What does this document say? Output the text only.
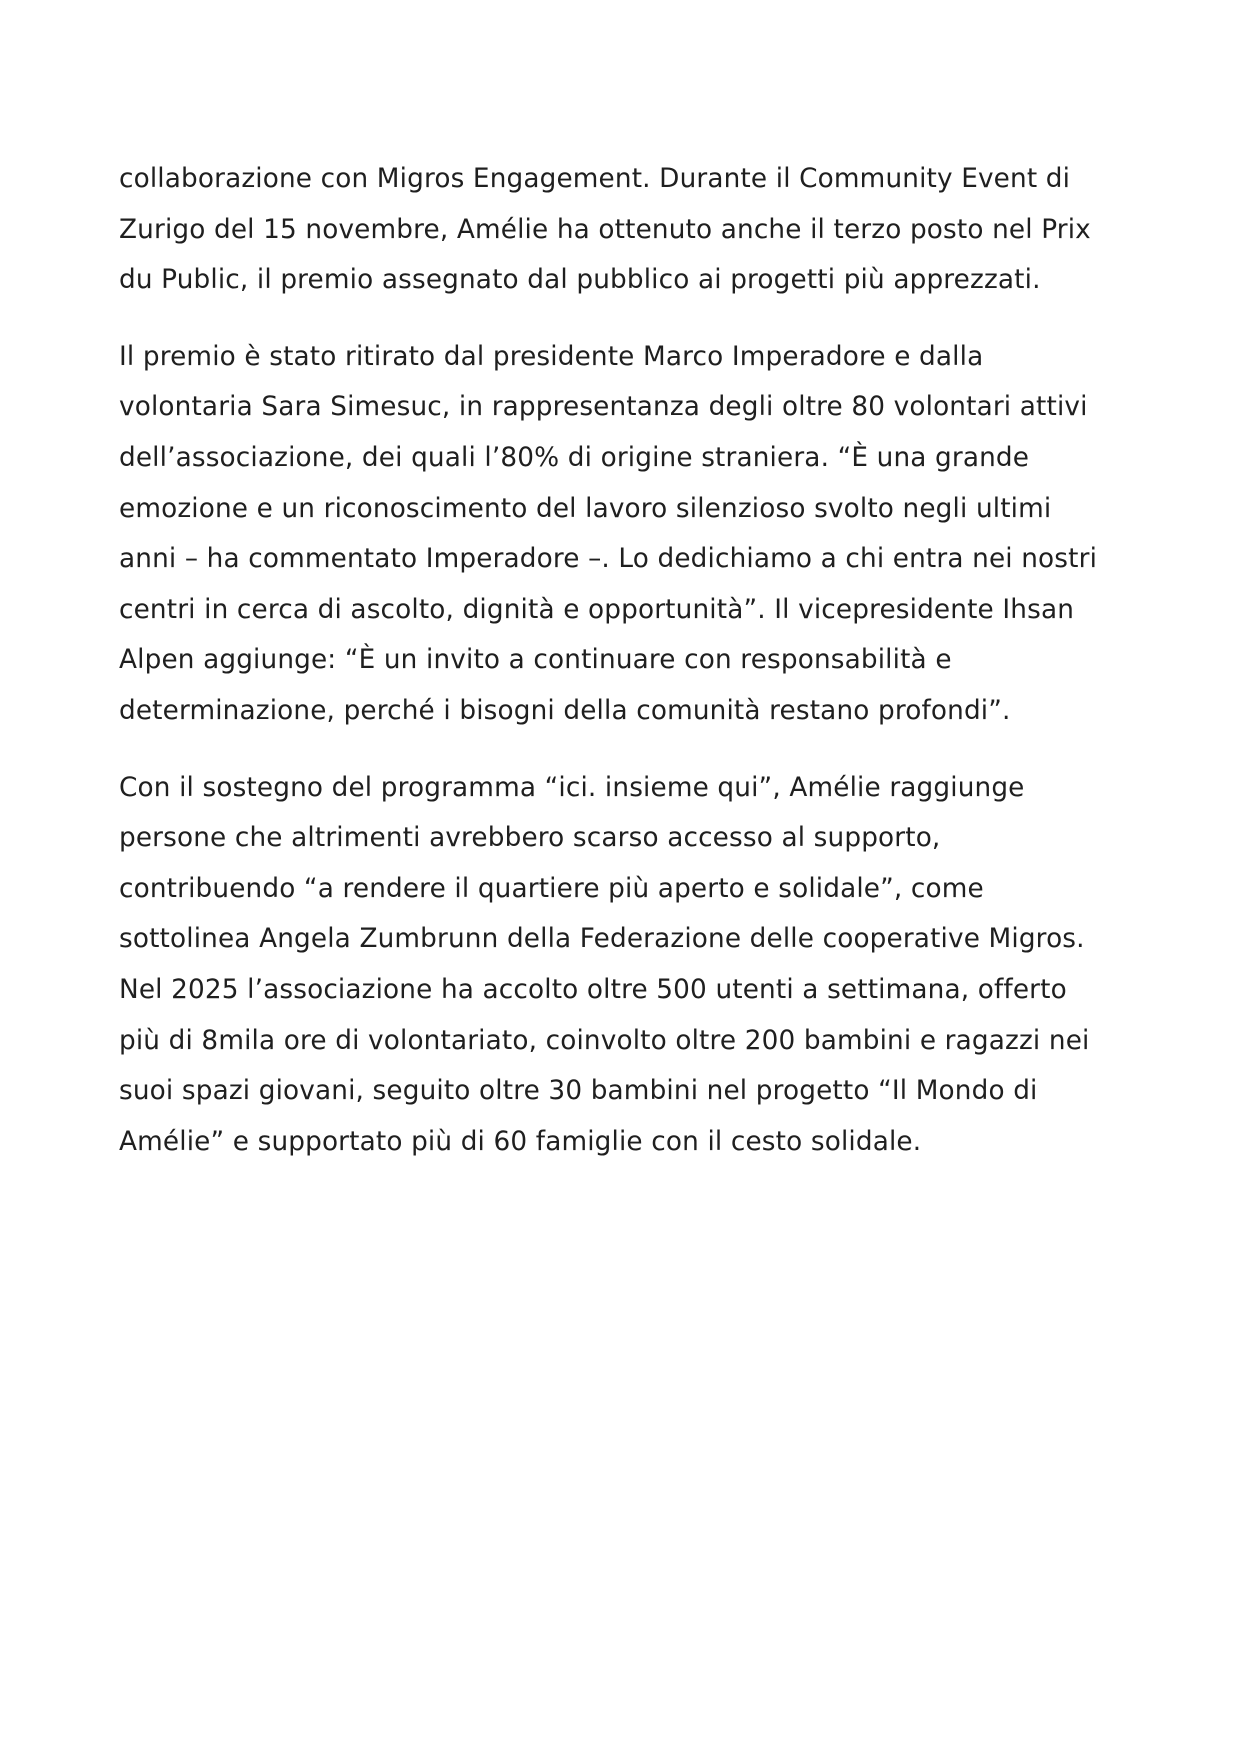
collaborazione con Migros Engagement. Durante il Community Event di
Zurigo del 15 novembre, Amélie ha ottenuto anche il terzo posto nel Prix
du Public, il premio assegnato dal pubblico ai progetti più apprezzati.
Il premio è stato ritirato dal presidente Marco Imperadore e dalla
volontaria Sara Simesuc, in rappresentanza degli oltre 80 volontari attivi
dell’associazione, dei quali l’80% di origine straniera. “È una grande
emozione e un riconoscimento del lavoro silenzioso svolto negli ultimi
anni – ha commentato Imperadore –. Lo dedichiamo a chi entra nei nostri
centri in cerca di ascolto, dignità e opportunità”. Il vicepresidente Ihsan
Alpen aggiunge: “È un invito a continuare con responsabilità e
determinazione, perché i bisogni della comunità restano profondi”.
Con il sostegno del programma “ici. insieme qui”, Amélie raggiunge
persone che altrimenti avrebbero scarso accesso al supporto,
contribuendo “a rendere il quartiere più aperto e solidale”, come
sottolinea Angela Zumbrunn della Federazione delle cooperative Migros.
Nel 2025 l’associazione ha accolto oltre 500 utenti a settimana, offerto
più di 8mila ore di volontariato, coinvolto oltre 200 bambini e ragazzi nei
suoi spazi giovani, seguito oltre 30 bambini nel progetto “Il Mondo di
Amélie” e supportato più di 60 famiglie con il cesto solidale.
